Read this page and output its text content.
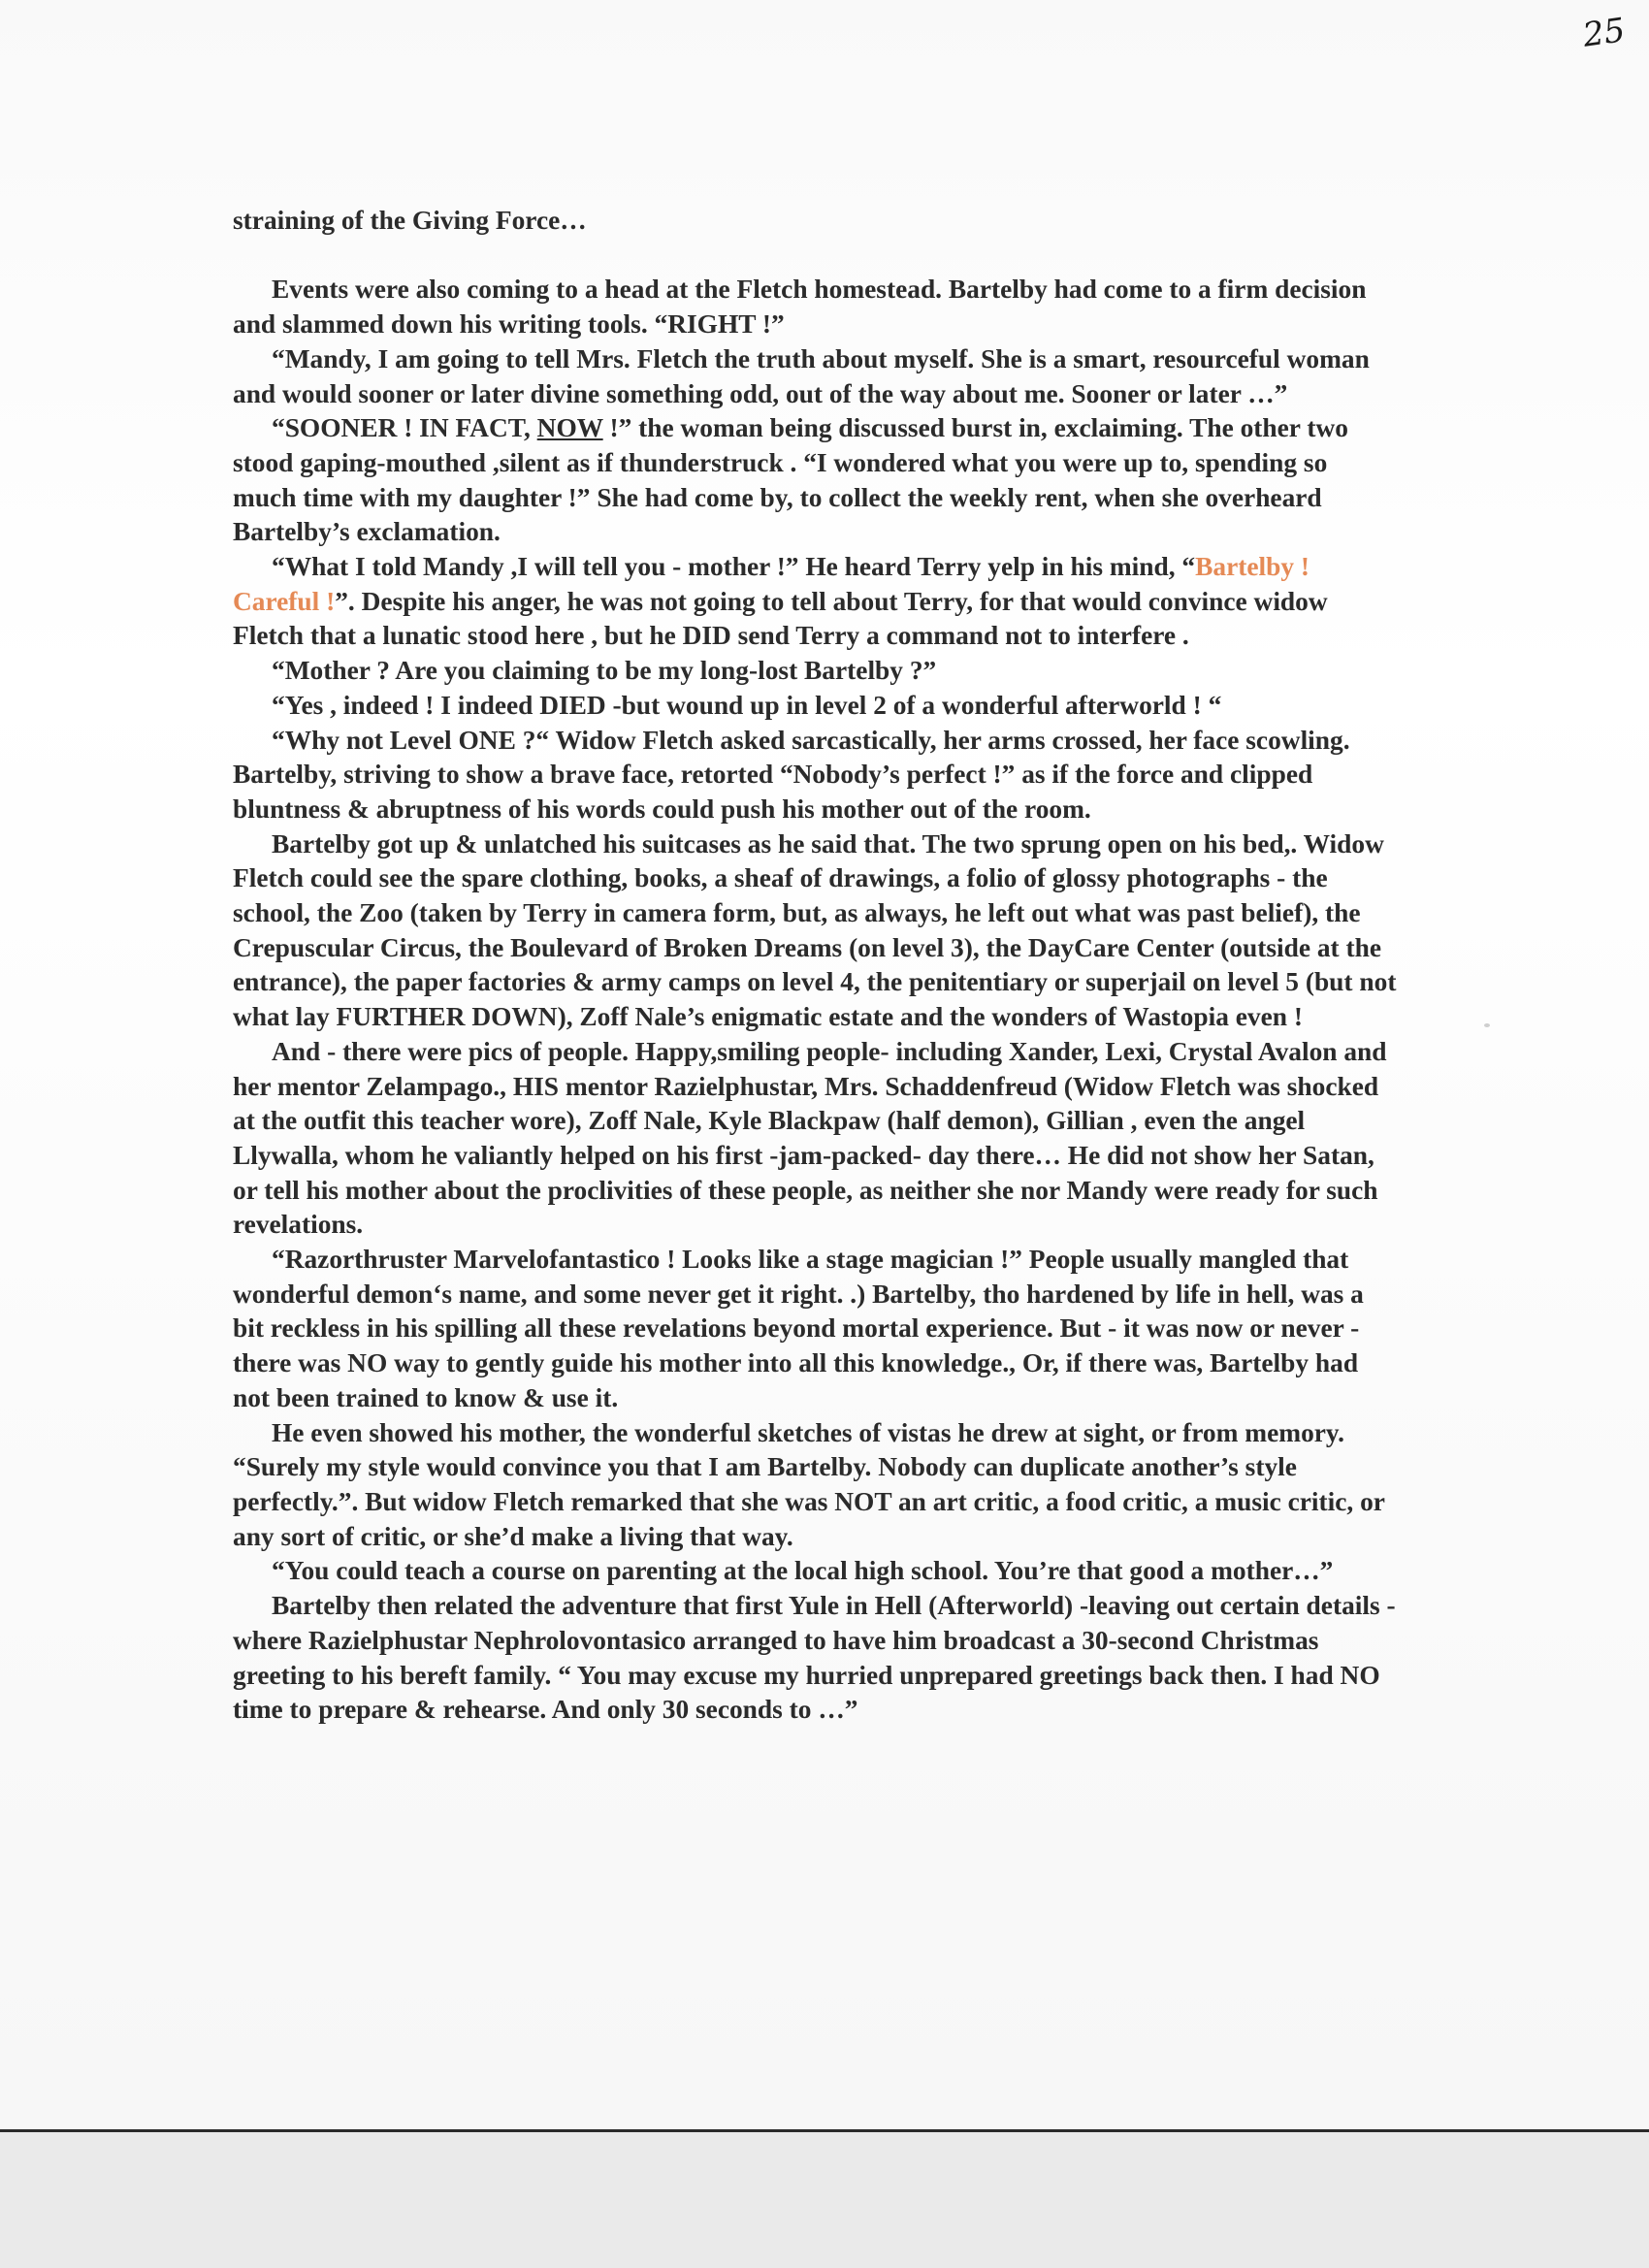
25

straining of the Giving Force…

Events were also coming to a head at the Fletch homestead. Bartelby had come to a firm decision and slammed down his writing tools. “RIGHT !”

“Mandy, I am going to tell Mrs. Fletch the truth about myself. She is a smart, resourceful woman and would sooner or later divine something odd, out of the way about me. Sooner or later …”

“SOONER ! IN FACT, NOW !” the woman being discussed burst in, exclaiming. The other two stood gaping-mouthed ,silent as if thunderstruck . “I wondered what you were up to, spending so much time with my daughter !” She had come by, to collect the weekly rent, when she overheard Bartelby’s exclamation.

“What I told Mandy ,I will tell you - mother !” He heard Terry yelp in his mind, “Bartelby ! Careful !”. Despite his anger, he was not going to tell about Terry, for that would convince widow Fletch that a lunatic stood here , but he DID send Terry a command not to interfere .

“Mother ? Are you claiming to be my long-lost Bartelby ?”

“Yes , indeed ! I indeed DIED -but wound up in level 2 of a wonderful afterworld ! “

“Why not Level ONE ?“ Widow Fletch asked sarcastically, her arms crossed, her face scowling. Bartelby, striving to show a brave face, retorted “Nobody’s perfect !” as if the force and clipped bluntness & abruptness of his words could push his mother out of the room.

Bartelby got up & unlatched his suitcases as he said that. The two sprung open on his bed,. Widow Fletch could see the spare clothing, books, a sheaf of drawings, a folio of glossy photographs - the school, the Zoo (taken by Terry in camera form, but, as always, he left out what was past belief), the Crepuscular Circus, the Boulevard of Broken Dreams (on level 3), the DayCare Center (outside at the entrance), the paper factories & army camps on level 4, the penitentiary or superjail on level 5 (but not what lay FURTHER DOWN), Zoff Nale’s enigmatic estate and the wonders of Wastopia even !

And - there were pics of people. Happy,smiling people- including Xander, Lexi, Crystal Avalon and her mentor Zelampago., HIS mentor Razielphustar, Mrs. Schaddenfreud (Widow Fletch was shocked at the outfit this teacher wore), Zoff Nale, Kyle Blackpaw (half demon), Gillian , even the angel Llywalla, whom he valiantly helped on his first -jam-packed- day there… He did not show her Satan, or tell his mother about the proclivities of these people, as neither she nor Mandy were ready for such revelations.

“Razorthruster Marvelofantastico ! Looks like a stage magician !” People usually mangled that wonderful demon‘s name, and some never get it right. .) Bartelby, tho hardened by life in hell, was a bit reckless in his spilling all these revelations beyond mortal experience. But - it was now or never -there was NO way to gently guide his mother into all this knowledge., Or, if there was, Bartelby had not been trained to know & use it.

He even showed his mother, the wonderful sketches of vistas he drew at sight, or from memory. “Surely my style would convince you that I am Bartelby. Nobody can duplicate another’s style perfectly.”. But widow Fletch remarked that she was NOT an art critic, a food critic, a music critic, or any sort of critic, or she’d make a living that way.

“You could teach a course on parenting at the local high school. You’re that good a mother…”

Bartelby then related the adventure that first Yule in Hell (Afterworld) -leaving out certain details -where Razielphustar Nephrolovontasico arranged to have him broadcast a 30-second Christmas greeting to his bereft family. “ You may excuse my hurried unprepared greetings back then. I had NO time to prepare & rehearse. And only 30 seconds to …”
